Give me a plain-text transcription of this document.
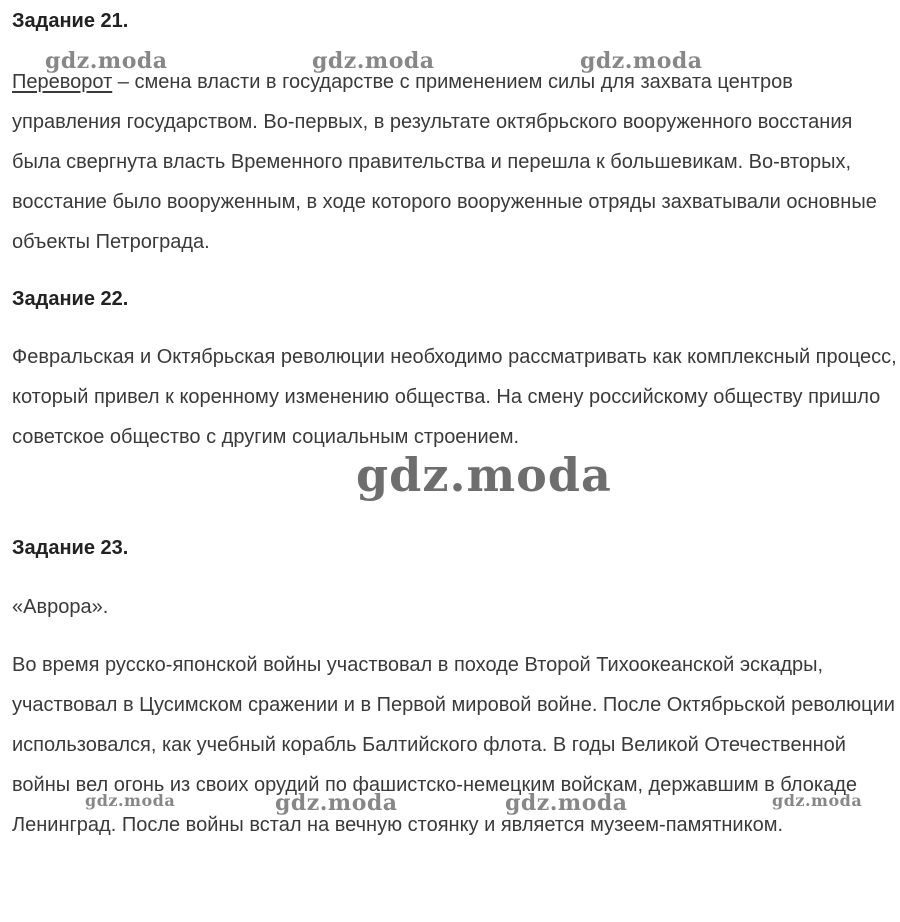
Задание 21.

Переворот – смена власти в государстве с применением силы для захвата центров управления государством. Во-первых, в результате октябрьского вооруженного восстания была свергнута власть Временного правительства и перешла к большевикам. Во-вторых, восстание было вооруженным, в ходе которого вооруженные отряды захватывали основные объекты Петрограда.

Задание 22.

Февральская и Октябрьская революции необходимо рассматривать как комплексный процесс, который привел к коренному изменению общества. На смену российскому обществу пришло советское общество с другим социальным строением.

Задание 23.

«Аврора».

Во время русско-японской войны участвовал в походе Второй Тихоокеанской эскадры, участвовал в Цусимском сражении и в Первой мировой войне. После Октябрьской революции использовался, как учебный корабль Балтийского флота. В годы Великой Отечественной войны вел огонь из своих орудий по фашистско-немецким войскам, державшим в блокаде Ленинград. После войны встал на вечную стоянку и является музеем-памятником.

gdz.moda	gdz.moda	gdz.moda
gdz.moda
gdz.moda	gdz.moda	gdz.moda	gdz.moda
